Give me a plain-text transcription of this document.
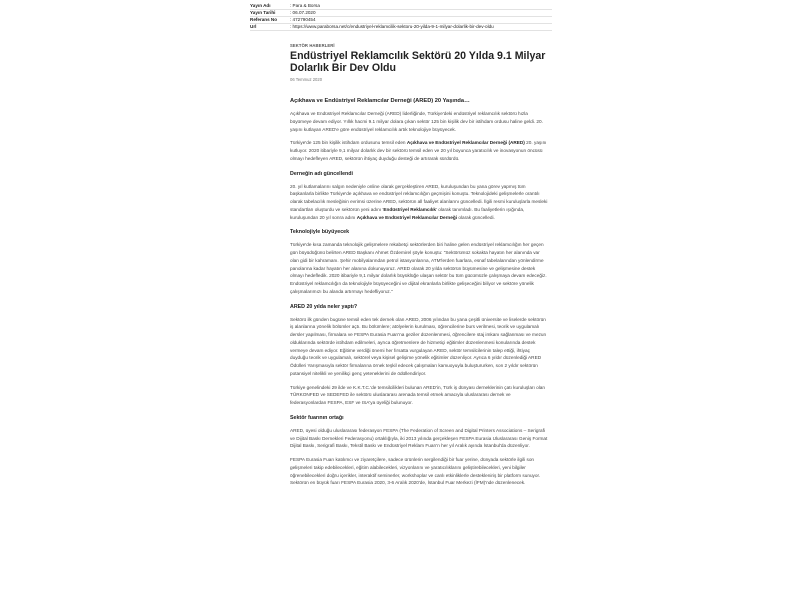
Yayın Adı	: Para & Borsa
Yayın Tarihi	: 06.07.2020
Referans No	: 472790454
Url	: https://www.paraborsa.net/c/endustriyel-reklamcilik-sektoru-20-yilda-9-1-milyar-dolarlik-bir-dev-oldu
SEKTÖR HABERLERİ
Endüstriyel Reklamcılık Sektörü 20 Yılda 9.1 Milyar Dolarlık Bir Dev Oldu
06 Temmuz 2020
Açıkhava ve Endüstriyel Reklamcılar Derneği (ARED) 20 Yaşında…
Açıkhava ve Endüstriyel Reklamcılar Derneği (ARED) liderliğinde, Türkiye'deki endüstriyel reklamcılık sektörü hızla büyümeye devam ediyor. Yıllık hacmi 9.1 milyar dolara çıkan sektör 125 bin kişilik dev bir istihdam ordusu haline geldi. 20. yaşını kutlayan ARED'e göre endüstriyel reklamcılık artık teknolojiye büyüyecek.
Türkiye'de 125 bin kişilik istihdam ordusunu temsil eden Açıkhava ve Endüstriyel Reklamcılar Derneği (ARED) 20. yaşını kutluyor. 2020 itibariyle 9,1 milyar dolarlık dev bir sektörü temsil eden ve 20 yıl boyunca yaratıcılık ve inovasyonun öncüsü olmayı hedefleyen ARED, sektörün ihtiyaç duyduğu desteği de artırarak sürdürdü.
Derneğin adı güncellendi
20. yıl kutlamalarını salgın nedeniyle online olarak gerçekleştiren ARED, kuruluşundan bu yana görev yapmış tüm başkanlarla birlikte Türkiye'de açıkhava ve endüstriyel reklamcılığın geçmişini konuştu. Teknolojideki gelişmelerle orantılı olarak tabelacılık mesleğinin evrimsi üzerine ARED, sektörün all faaliyet alanlarını güncelledi. İlgili resmi kuruluşlarla mesleki standartları oluşturdu ve sektörün yeni adını 'Endüstriyel Reklamcılık' olarak tanımladı. Bu faaliyetlerin ışığında, kuruluşundan 20 yıl sonra adını Açıkhava ve Endüstriyel Reklamcılar Derneği olarak güncelledi.
Teknolojiyle büyüyecek
Türkiye'de kısa zamanda teknolojik gelişmelere rekabetçi sektörlerden biri haline gelen endüstriyel reklamcılığın her geçen gün büyüdüğünü belirten ARED Başkanı Ahmet Özdemirel şöyle konuştu: "Sektörümüz sokakta hayatın her alanında var olan gidi bir kahramanı. Şehir mobilyalarından petrol istasyonlarına, ATM'lerden fuarlara, esnaf tabelalarından yönlendirme panolarına kadar hayatın her alanına dokunuyoruz. ARED olarak 20 yılda sektörün büyümesine ve gelişmesine destek olmayı hedefledik. 2020 itibariyle 9,1 milyar dolarlık büyüklüğe ulaşan sektör bu tüm gücümüzle çalışmaya devam edeceğiz. Endüstriyel reklamcılığın da teknolojiyle büyüyeceğini ve dijital ekranlarla birlikte gelişeceğini biliyor ve sektöre yönelik çalışmalarımızı bu alanda artırmayı hedefliyoruz."
ARED 20 yılda neler yaptı?
Sektörü ilk günden bugüne temsil eden tek dernek olan ARED, 2006 yılından bu yana çeşitli üniversite ve liselerde sektörün iş alanlarına yönelik bölümler açtı. Bu bölümlere; atölyelerin kurulması, öğrencilerine burs verilmesi, teorik ve uygulamalı dersler yapılması, firmalara ve FESPA Eurasia Fuarı'na geziler düzenlenmesi, öğrencilere staj imkanı sağlanması ve mezun olduklarında sektörde istihdam edilmeleri, ayrıca öğretmenlere de hizmetiçi eğitimler düzenlenmesi konularında destek vermeye devam ediyor. Eğitime verdiği önemi her fırsatta vurgulayan ARED, sektör temsilcilerinin talep ettiği, ihtiyaç duyduğu teorik ve uygulamalı, sektörel veya kişisel gelişime yönelik eğitimler düzenliyor. Ayrıca 6 yıldır düzenlediği ARED Ödülleri Yarışmasıyla sektör firmalarına örnek teşkil edecek çalışmaları kamuoyuyla buluştururken, son 2 yıldır sektörün potansiyel nitelikli ve yenilikçi genç yeteneklerini de ödüllendiriyor.
Türkiye genelindeki 29 ilde ve K.K.T.C.'de temsilcilikleri bulunan ARED'in, Türk iş dünyası derneklerinin çatı kuruluşları olan TÜRKONFED ve SEDEFED ile sektörü uluslararası arenada temsil etmek amacıyla uluslararası dernek ve federasyonlardan FESPA, ESF ve ISA'ya üyeliği bulunuyor.
Sektör fuarının ortağı
ARED, üyesi olduğu uluslararası federasyon FESPA (The Federation of Screen and Digital Printers Associations – Serigrafi ve Dijital Baskı Dernekleri Federasyonu) ortaklığıyla, iki 2013 yılında gerçekleşen FESPA Eurasia Uluslararası Geniş Format Dijital Baskı, Serigrafi Baskı, Tekstil Baskı ve Endüstriyel Reklam Fuarı'n her yıl Aralık ayında İstanbul'da düzenliyor.
FESPA Eurasia Fuarı katılımcı ve ziyaretçilere, sadece ürünlerin sergilendiği bir fuar yerine, dünyada sektörle ilgili son gelişmeleri takip edebilecekleri, eğitim alabilecekleri, vizyonlarını ve yaratıcılıklarını geliştirebilecekleri, yeni bilgiler öğrenebilecekleri doğru içerikler, interaktif seminerler, workshoplar ve canlı etkinliklerle destekleniriş bir platform sunuyor. Sektörün en büyük fuarı FESPA Eurasia 2020, 3-6 Aralık 2020'de, İstanbul Fuar Merkezi (İFM)'nde düzenlenecek.
